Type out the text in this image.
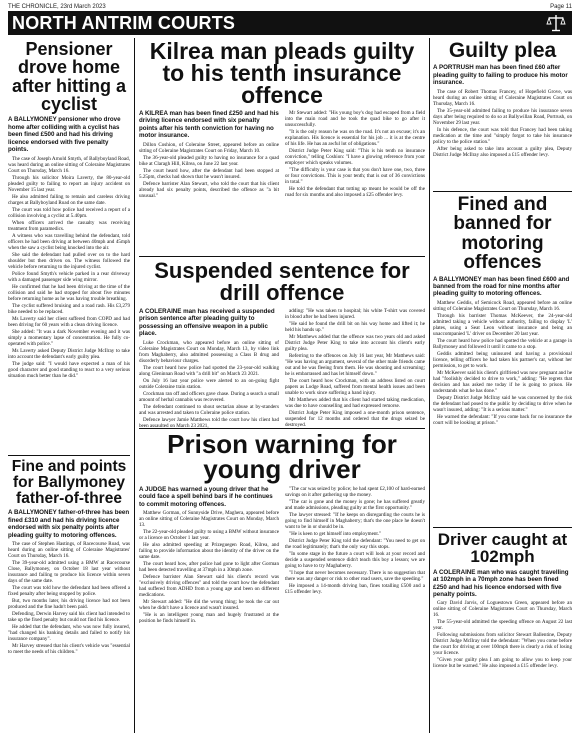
THE CHRONICLE, 23rd March 2023	Page 11
NORTH ANTRIM COURTS
Pensioner drove home after hitting a cyclist
A BALLYMONEY pensioner who drove home after colliding with a cyclist has been fined £500 and had his driving licence endorsed with five penalty points.

The case of Joseph Arnold Smyth, of Ballyboyland Road, was heard during an online sitting of Coleraine Magistrates Court on Thursday, March 16.

Through his solicitor Moira Laverty, the 80-year-old pleaded guilty to failing to report an injury accident on November 15 last year.

He also admitted failing to remain and careless driving charges at Ballyboyland Road on the same date.

The court was told how police had received a report of a collision involving a cyclist at 5.40pm.

When officers arrived the casualty was receiving treatment from paramedics.

A witness who was travelling behind the defendant, told officers he had been driving at between 40mph and 45mph when the saw a cyclist being knocked into the air.

She said the defendant had pulled over on to the hard shoulder but then driven on. The witness followed the vehicle before returning to the injured cyclist.

Police found Smyth's vehicle parked in a rear driveway with a damaged passenger side wing mirror.

He confirmed that he had been driving at the time of the collision and said he had stopped for about five minutes before returning home as he was having trouble breathing.

The cyclist suffered bruising and a road rash. His £3,279 bike needed to be replaced.

Ms Laverty said her client suffered from COPD and had been driving for 60 years with a clean driving licence.

She added: "It was a dark November evening and it was simply a momentary lapse of concentration. He fully co-operated with police."

Ms Laverty asked Deputy District Judge McIlray to take into account the defendant's early guilty plea.

The judge said: "I would have expected a man of his good character and good standing to react to a very serious situation much better than he did."

Fine and points for Ballymoney father-of-three
A BALLYMONEY father-of-three has been fined £310 and had his driving licence endorsed with six penalty points after pleading guilty to motoring offences.

The case of Stephen Hastings, of Racecourse Road, was heard during an online sitting of Coleraine Magistrates' Court on Thursday, March 16.

The 39-year-old admitted using a BMW at Racecourse Close, Ballymoney, on October 18 last year without insurance and failing to produce his licence within seven days of the same date.

The court was told how the defendant had been offered a fixed penalty after being stopped by police.

But, two months later, his driving licence had not been produced and the fine hadn't been paid.

Defending, Derwin Harvey said his client had intended to take up the fixed penalty but could not find his licence.

He added that the defendant, who was now fully insured, "had changed his banking details and failed to notify his insurance company".

Mr Harvey stressed that his client's vehicle was "essential to meet the needs of his children."

Kilrea man pleads guilty to his tenth insurance offence
A KILREA man has been fined £250 and had his driving licence endorsed with six penalty points after his tenth conviction for having no motor insurance.

Dillon Coshion, of Coleraine Street, appeared before an online sitting of Coleraine Magistrates Court on Friday, March 10.

The 36-year-old pleaded guilty to having no insurance for a quad bike at Claragh Hill, Kilrea, on June 22 last year.

The court heard how, after the defendant had been stopped at 5.25pm, checks had shown that he wasn't insured.

Defence barrister Alan Stewart, who told the court that his client already had six penalty points, described the offence as "a bit unusual."

Mr Stewart added: "His young boy's dog had escaped from a field into the main road and he took the quad bike to go after it unsuccessfully.

"It is the only reason he was on the road. It's not an excuse; it's an explanation. His licence is essential for his job ... it is at the centre of his life. He has an awful lot of obligations."

District Judge Peter King said: "This is his tenth no insurance conviction," telling Coshion: "I have a glowing reference from your employer which speaks volumes.

"The difficulty is your case is that you don't have one, two, three or four convictions. This is your tenth; that is out of 36 convictions in total."

He told the defendant that totting up meant he would be off the road for six months and also imposed a £25 offender levy.

Suspended sentence for drill offence
A COLERAINE man has received a suspended prison sentence after pleading guilty to possessing an offensive weapon in a public place.

Luke Crockman, who appeared before an online sitting of Coleraine Magistrates Court on Monday, March 13, by video link from Maghaberry, also admitted possessing a Class B drug and disorderly behaviour charges.

The court heard how police had spotted the 23-year-old walking along Gleninnan Road with "a drill bit" on March 23 2021.

On July 16 last year police were alerted to an on-going fight outside Coleraine train station.

Crockman ran off and officers gave chase. During a search a small amount of herbal cannabis was recovered.

The defendant continued to shout sectarian abuse at by-standers and was arrested and taken to Coleraine police station.

Defence lawyer Jamie Matthews told the court how his client had been assaulted on March 23 2021,

adding: "He was taken to hospital; his white T-shirt was covered in blood after he had been injured.

"He said he found the drill bit on his way home and lifted it; he held his hands up."

Mr Matthews added that the offence was two years old and asked District Judge Peter King to take into account his client's early guilty plea.

Referring to the offences on July 16 last year, Mr Matthews said: "He was having an argument, several of the other male friends came out and he was fleeing from them. He was shouting and screaming; he is embarrassed and has let himself down."

The court heard how Crockman, with an address listed on court papers as Lodge Road, suffered from mental health issues and been unable to work since suffering a hand injury.

Mr Matthews added that his client had started taking medication, was due to have counselling and had expressed remorse.

District Judge Peter King imposed a one-month prison sentence, suspended for 12 months and ordered that the drugs seized be destroyed.

Prison warning for young driver
A JUDGE has warned a young driver that he could face a spell behind bars if he continues to commit motoring offences.

Matthew Gorman, of Sunnyside Drive, Maghera, appeared before an online sitting of Coleraine Magistrates Court on Monday, March 13.

The 22-year-old pleaded guilty to using a BMW without insurance or a licence on October 1 last year.

He also admitted speeding at Prizeguegen Road, Kilrea, and failing to provide information about the identity of the driver on the same date.

The court heard how, after police had gone to light after Gorman had been detected travelling at 37mph in a 30mph zone.

Defence barrister Alan Stewart said his client's record was "exclusively driving offences" and told the court how the defendant had suffered from ADHD from a young age and been on different medications.

Mr Stewart added: "He did the wrong thing; he took the car out when he didn't have a licence and wasn't insured.

"He is an intelligent young man and hugely frustrated at the position he finds himself in.

"The car was seized by police; he had spent £2,100 of hard-earned savings on it after gathering up the money.

"The car is gone and the money is gone; he has suffered greatly and made admissions, pleading guilty at the first opportunity."

The lawyer stressed: "If he keeps on disregarding the courts he is going to find himself in Maghaberry; that's the one place he doesn't want to be in or should be in.

"He is keen to get himself into employment."

District Judge Peter King told the defendant: "You need to get on the road legitimately; that's the only way this stops.

"In some stage in the future a court will look at your record and decide a suspended sentence didn't teach this boy a lesson; we are going to have to try Maghaberry.

"I hope that never becomes necessary. There is no suggestion that there was any danger or risk to other road users, save the speeding."

He imposed a 14-month driving ban, fines totalling £500 and a £15 offender levy.

Guilty plea
A PORTRUSH man has been fined £60 after pleading guilty to failing to produce his motor insurance.

The case of Robert Thomas Francey, of Hopefield Grove, was heard during an online sitting of Coleraine Magistrates Court on Thursday, March 16.

The 35-year-old admitted failing to produce his insurance seven days after being required to do so at Ballywillan Road, Portrush, on November 29 last year.

In his defence, the court was told that Francey had been taking medication at the time and "simply forgot to take his insurance policy to the police station."

After being asked to take into account a guilty plea, Deputy District Judge McIlray also imposed a £15 offender levy.

Fined and banned for motoring offences
A BALLYMONEY man has been fined £600 and banned from the road for nine months after pleading guilty to motoring offences.

Matthew Geddis, of Semicock Road, appeared before an online sitting of Coleraine Magistrates Court on Thursday, March 16.

Through his barrister Thomas McKeever, the 24-year-old admitted taking a vehicle without authority, failing to display 'L' plates, using a Seat Leon without insurance and being an unaccompanied 'L' driver on December 20 last year.

The court heard how police had spotted the vehicle at a garage in Ballymoney and followed it until it came to a stop.

Geddis admitted being uninsured and having a provisional licence, telling officers he had taken his partner's car, without her permission, to get to work.

Mr McKeever said his client's girlfriend was now pregnant and he had "foolishly decided to drive to work," adding: "He regrets that decision and has asked me today if he is going to prison. He understands what he has done."

Deputy District Judge McIlray said he was concerned by the risk the defendant had posed to the public by deciding to drive when he wasn't insured, adding: "It is a serious matter."

He warned the defendant: "If you come back for no insurance the court will be looking at prison."

Driver caught at 102mph
A COLERAINE man who was caught travelling at 102mph in a 70mph zone has been fined £250 and had his licence endorsed with five penalty points.

Gary David Jarvis, of Loguestown Green, appeared before an online sitting of Coleraine Magistrates Court on Thursday, March 16.

The 55-year-old admitted the speeding offence on August 22 last year.

Following submissions from solicitor Stewart Ballentine, Deputy District Judge McIlray told the defendant: "When you come before the court for driving at over 100mph there is clearly a risk of losing your licence.

"Given your guilty plea I am going to allow you to keep your licence but be warned." He also imposed a £15 offender levy.
